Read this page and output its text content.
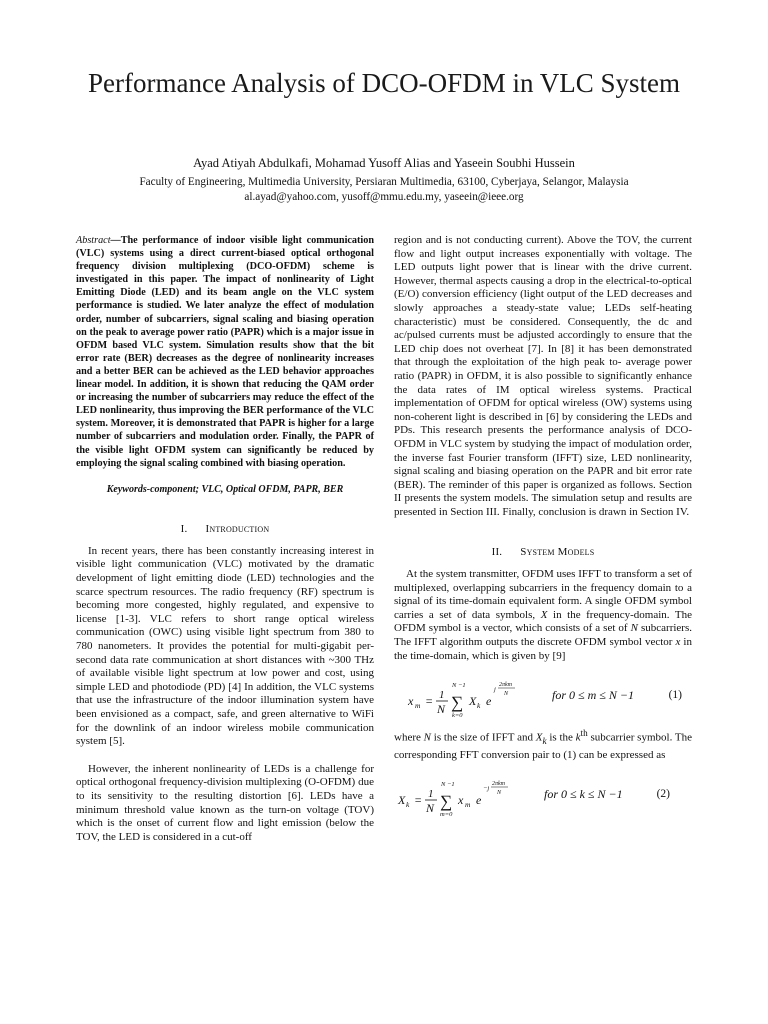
Performance Analysis of DCO-OFDM in VLC System
Ayad Atiyah Abdulkafi, Mohamad Yusoff Alias and Yaseein Soubhi Hussein
Faculty of Engineering, Multimedia University, Persiaran Multimedia, 63100, Cyberjaya, Selangor, Malaysia
al.ayad@yahoo.com, yusoff@mmu.edu.my, yaseein@ieee.org

Abstract—The performance of indoor visible light communication (VLC) systems using a direct current-biased optical orthogonal frequency division multiplexing (DCO-OFDM) scheme is investigated in this paper. The impact of nonlinearity of Light Emitting Diode (LED) and its beam angle on the VLC system performance is studied. We later analyze the effect of modulation order, number of subcarriers, signal scaling and biasing operation on the peak to average power ratio (PAPR) which is a major issue in OFDM based VLC system. Simulation results show that the bit error rate (BER) decreases as the degree of nonlinearity increases and a better BER can be achieved as the LED behavior approaches linear model. In addition, it is shown that reducing the QAM order or increasing the number of subcarriers may reduce the effect of the LED nonlinearity, thus improving the BER performance of the VLC system. Moreover, it is demonstrated that PAPR is higher for a large number of subcarriers and modulation order. Finally, the PAPR of the visible light OFDM system can significantly be reduced by employing the signal scaling combined with biasing operation.

Keywords-component; VLC, Optical OFDM, PAPR, BER

I. Introduction

In recent years, there has been constantly increasing interest in visible light communication (VLC) motivated by the dramatic development of light emitting diode (LED) technologies and the scarce spectrum resources. The radio frequency (RF) spectrum is becoming more congested, highly regulated, and expensive to license [1-3]. VLC refers to short range optical wireless communication (OWC) using visible light spectrum from 380 to 780 nanometers. It provides the potential for multi-gigabit per-second data rate communication at short distances with ~300 THz of available visible light spectrum at low power and cost, using simple LED and photodiode (PD) [4] In addition, the VLC systems that use the infrastructure of the indoor illumination system have been envisioned as a compact, safe, and green alternative to WiFi for the downlink of an indoor wireless mobile communication system [5].

However, the inherent nonlinearity of LEDs is a challenge for optical orthogonal frequency-division multiplexing (O-OFDM) due to its sensitivity to the resulting distortion [6]. LEDs have a minimum threshold value known as the turn-on voltage (TOV) which is the onset of current flow and light emission (below the TOV, the LED is considered in a cut-off

region and is not conducting current). Above the TOV, the current flow and light output increases exponentially with voltage. The LED outputs light power that is linear with the drive current. However, thermal aspects causing a drop in the electrical-to-optical (E/O) conversion efficiency (light output of the LED decreases and slowly approaches a steady-state value; LEDs self-heating characteristic) must be considered. Consequently, the dc and ac/pulsed currents must be adjusted accordingly to ensure that the LED chip does not overheat [7]. In [8] it has been demonstrated that through the exploitation of the high peak to- average power ratio (PAPR) in OFDM, it is also possible to significantly enhance the data rates of IM optical wireless systems. Practical implementation of OFDM for optical wireless (OW) systems using non-coherent light is described in [6] by considering the LEDs and PDs. This research presents the performance analysis of DCO-OFDM in VLC system by studying the impact of modulation order, the inverse fast Fourier transform (IFFT) size, LED nonlinearity, signal scaling and biasing operation on the PAPR and bit error rate (BER). The reminder of this paper is organized as follows. Section II presents the system models. The simulation setup and results are presented in Section III. Finally, conclusion is drawn in Section IV.

II. System Models

At the system transmitter, OFDM uses IFFT to transform a set of multiplexed, overlapping subcarriers in the frequency domain to a signal of its time-domain equivalent form. A single OFDM symbol carries a set of data symbols, X in the frequency-domain. The OFDM symbol is a vector, which consists of a set of N subcarriers. The IFFT algorithm outputs the discrete OFDM symbol vector x in the time-domain, which is given by [9]

x m = 1
N
N −1
∑
k=0
X k e
j
2πkm
N	for 0 ≤ m ≤ N −1	(1)

where N is the size of IFFT and $X_k$ is the $k^{th}$ subcarrier symbol. The corresponding FFT conversion pair to (1) can be expressed as

X k = 1
N
N −1
∑
m=0
x m e
−j
2πkm
N	for 0 ≤ k ≤ N −1	(2)
